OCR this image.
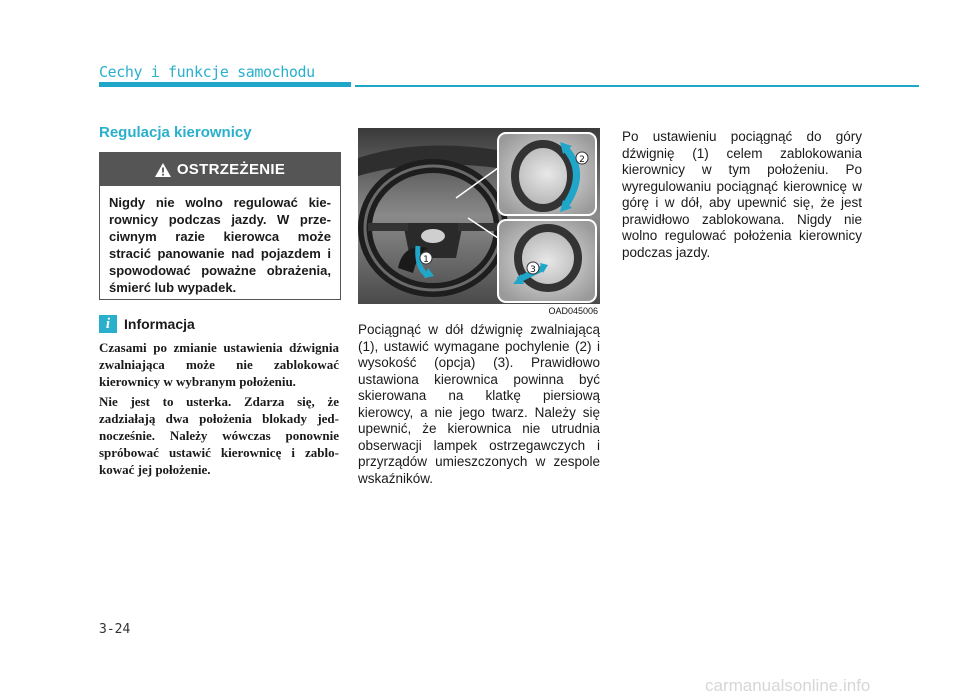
Cechy i funkcje samochodu
Regulacja kierownicy
OSTRZEŻENIE
Nigdy nie wolno regulować kierownicy podczas jazdy. W przeciwnym razie kierowca może stracić panowanie nad pojazdem i spowodować poważne obrażenia, śmierć lub wypadek.
i Informacja
Czasami po zmianie ustawienia dźwignia zwalniająca może nie zablokować kierownicy w wybranym położeniu.
Nie jest to usterka. Zdarza się, że zadziałają dwa położenia blokady jednocześnie. Należy wówczas ponownie spróbować ustawić kierownicę i zablokować jej położenie.
1
2
3
OAD045006
Pociągnąć w dół dźwignię zwalniającą (1), ustawić wymagane pochylenie (2) i wysokość (opcja) (3). Prawidłowo ustawiona kierownica powinna być skierowana na klatkę piersiową kierowcy, a nie jego twarz. Należy się upewnić, że kierownica nie utrudnia obserwacji lampek ostrzegawczych i przyrządów umieszczonych w zespole wskaźników.
Po ustawieniu pociągnąć do góry dźwignię (1) celem zablokowania kierownicy w tym położeniu. Po wyregulowaniu pociągnąć kierownicę w górę i w dół, aby upewnić się, że jest prawidłowo zablokowana. Nigdy nie wolno regulować położenia kierownicy podczas jazdy.
3-24
carmanualsonline.info
